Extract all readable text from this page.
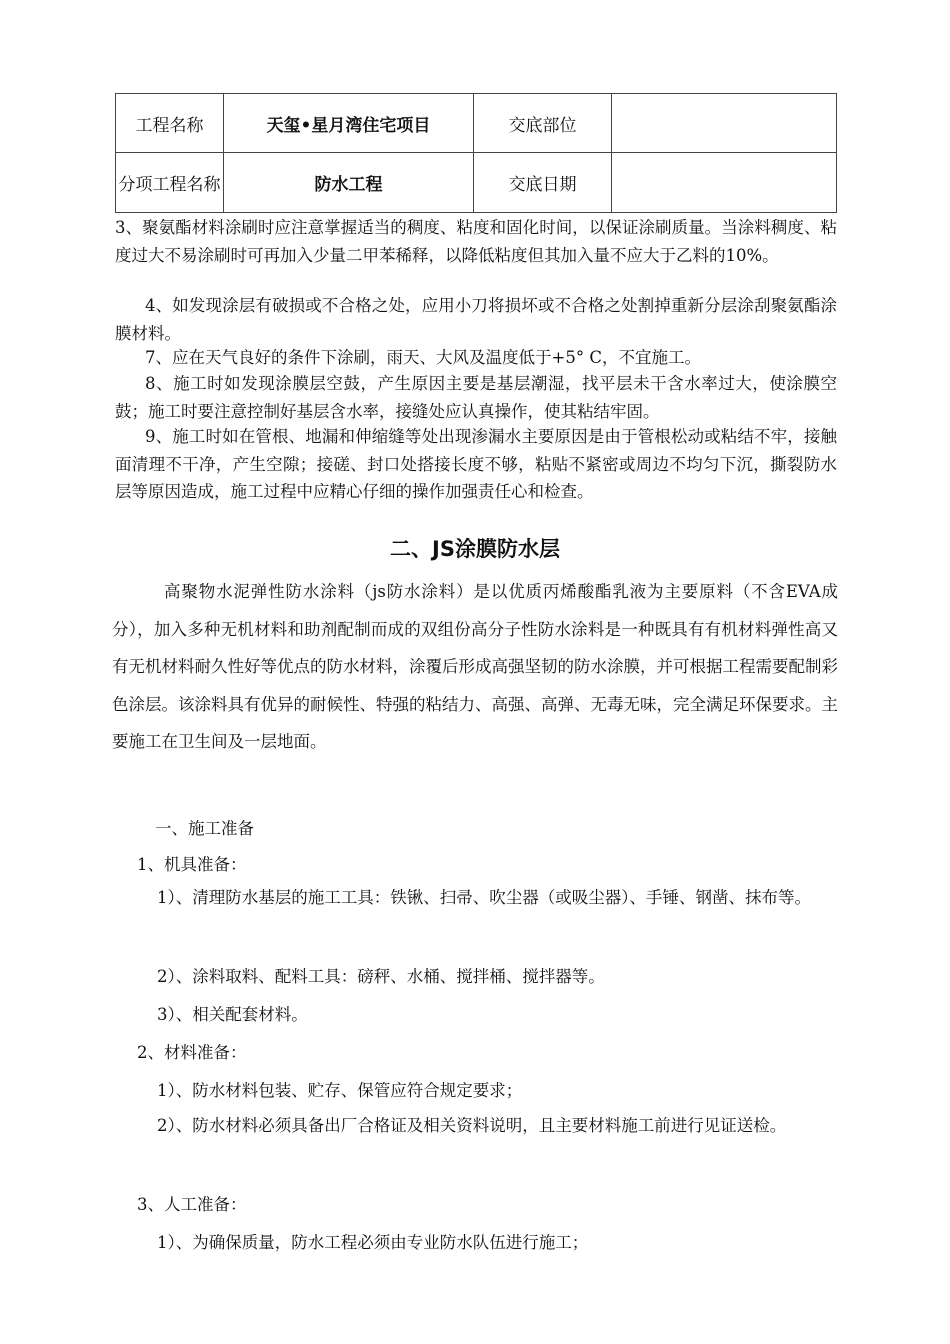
工程名称	天玺•星月湾住宅项目	交底部位	
分项工程名称	防水工程	交底日期	

3、聚氨酯材料涂刷时应注意掌握适当的稠度、粘度和固化时间，以保证涂刷质量。当涂料稠度、粘度过大不易涂刷时可再加入少量二甲苯稀释，以降低粘度但其加入量不应大于乙料的10%。

4、如发现涂层有破损或不合格之处，应用小刀将损坏或不合格之处割掉重新分层涂刮聚氨酯涂膜材料。

7、应在天气良好的条件下涂刷，雨天、大风及温度低于+5° C，不宜施工。

8、施工时如发现涂膜层空鼓，产生原因主要是基层潮湿，找平层未干含水率过大，使涂膜空鼓；施工时要注意控制好基层含水率，接缝处应认真操作，使其粘结牢固。

9、施工时如在管根、地漏和伸缩缝等处出现渗漏水主要原因是由于管根松动或粘结不牢，接触面清理不干净，产生空隙；接磋、封口处搭接长度不够，粘贴不紧密或周边不均匀下沉，撕裂防水层等原因造成，施工过程中应精心仔细的操作加强责任心和检查。

二、JS涂膜防水层

高聚物水泥弹性防水涂料（js防水涂料）是以优质丙烯酸酯乳液为主要原料（不含EVA成分），加入多种无机材料和助剂配制而成的双组份高分子性防水涂料是一种既具有有机材料弹性高又有无机材料耐久性好等优点的防水材料，涂覆后形成高强坚韧的防水涂膜，并可根据工程需要配制彩色涂层。该涂料具有优异的耐候性、特强的粘结力、高强、高弹、无毒无味，完全满足环保要求。主要施工在卫生间及一层地面。

一、施工准备

1、机具准备：

1）、清理防水基层的施工工具：铁锹、扫帚、吹尘器（或吸尘器）、手锤、钢凿、抹布等。

2）、涂料取料、配料工具：磅秤、水桶、搅拌桶、搅拌器等。

3）、相关配套材料。

2、材料准备：

1）、防水材料包装、贮存、保管应符合规定要求；

2）、防水材料必须具备出厂合格证及相关资料说明，且主要材料施工前进行见证送检。

3、人工准备：

1）、为确保质量，防水工程必须由专业防水队伍进行施工；
